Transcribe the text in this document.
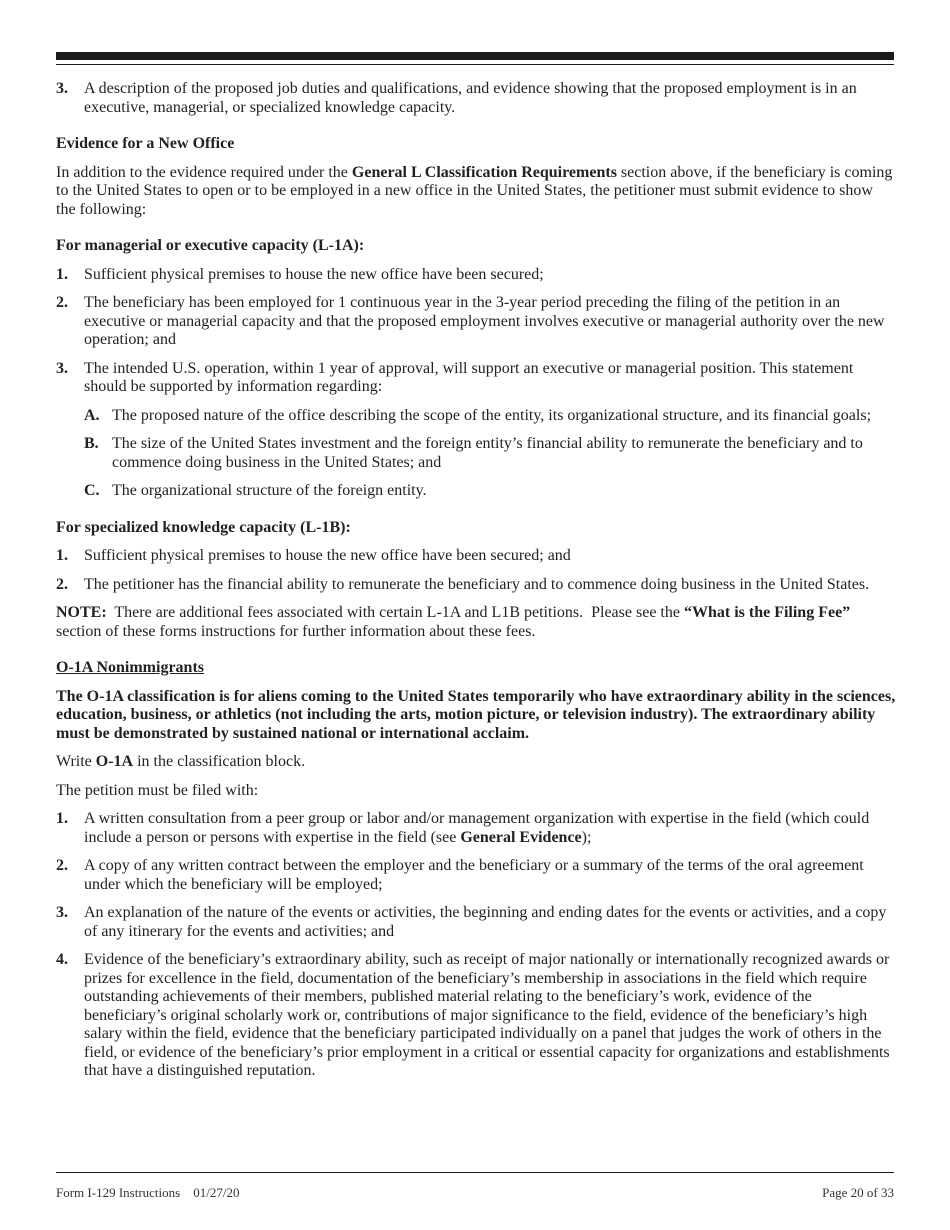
3.	A description of the proposed job duties and qualifications, and evidence showing that the proposed employment is in an executive, managerial, or specialized knowledge capacity.
Evidence for a New Office

In addition to the evidence required under the General L Classification Requirements section above, if the beneficiary is coming to the United States to open or to be employed in a new office in the United States, the petitioner must submit evidence to show the following:

For managerial or executive capacity (L-1A):
1.	Sufficient physical premises to house the new office have been secured;
2.	The beneficiary has been employed for 1 continuous year in the 3-year period preceding the filing of the petition in an executive or managerial capacity and that the proposed employment involves executive or managerial authority over the new operation; and
3.	The intended U.S. operation, within 1 year of approval, will support an executive or managerial position. This statement should be supported by information regarding:
A. The proposed nature of the office describing the scope of the entity, its organizational structure, and its financial goals;
B. The size of the United States investment and the foreign entity’s financial ability to remunerate the beneficiary and to commence doing business in the United States; and
C. The organizational structure of the foreign entity.
For specialized knowledge capacity (L-1B):
1.	Sufficient physical premises to house the new office have been secured; and
2.	The petitioner has the financial ability to remunerate the beneficiary and to commence doing business in the United States.

NOTE:  There are additional fees associated with certain L-1A and L1B petitions.  Please see the “What is the Filing Fee” section of these forms instructions for further information about these fees.

O-1A Nonimmigrants

The O-1A classification is for aliens coming to the United States temporarily who have extraordinary ability in the sciences, education, business, or athletics (not including the arts, motion picture, or television industry). The extraordinary ability must be demonstrated by sustained national or international acclaim.

Write O-1A in the classification block.

The petition must be filed with:

1.	A written consultation from a peer group or labor and/or management organization with expertise in the field (which could include a person or persons with expertise in the field (see General Evidence);
2.	A copy of any written contract between the employer and the beneficiary or a summary of the terms of the oral agreement under which the beneficiary will be employed;
3.	An explanation of the nature of the events or activities, the beginning and ending dates for the events or activities, and a copy of any itinerary for the events and activities; and
4.	Evidence of the beneficiary’s extraordinary ability, such as receipt of major nationally or internationally recognized awards or prizes for excellence in the field, documentation of the beneficiary’s membership in associations in the field which require outstanding achievements of their members, published material relating to the beneficiary’s work, evidence of the beneficiary’s original scholarly work or, contributions of major significance to the field, evidence of the beneficiary’s high salary within the field, evidence that the beneficiary participated individually on a panel that judges the work of others in the field, or evidence of the beneficiary’s prior employment in a critical or essential capacity for organizations and establishments that have a distinguished reputation.
Form I-129 Instructions 01/27/20	Page 20 of 33
